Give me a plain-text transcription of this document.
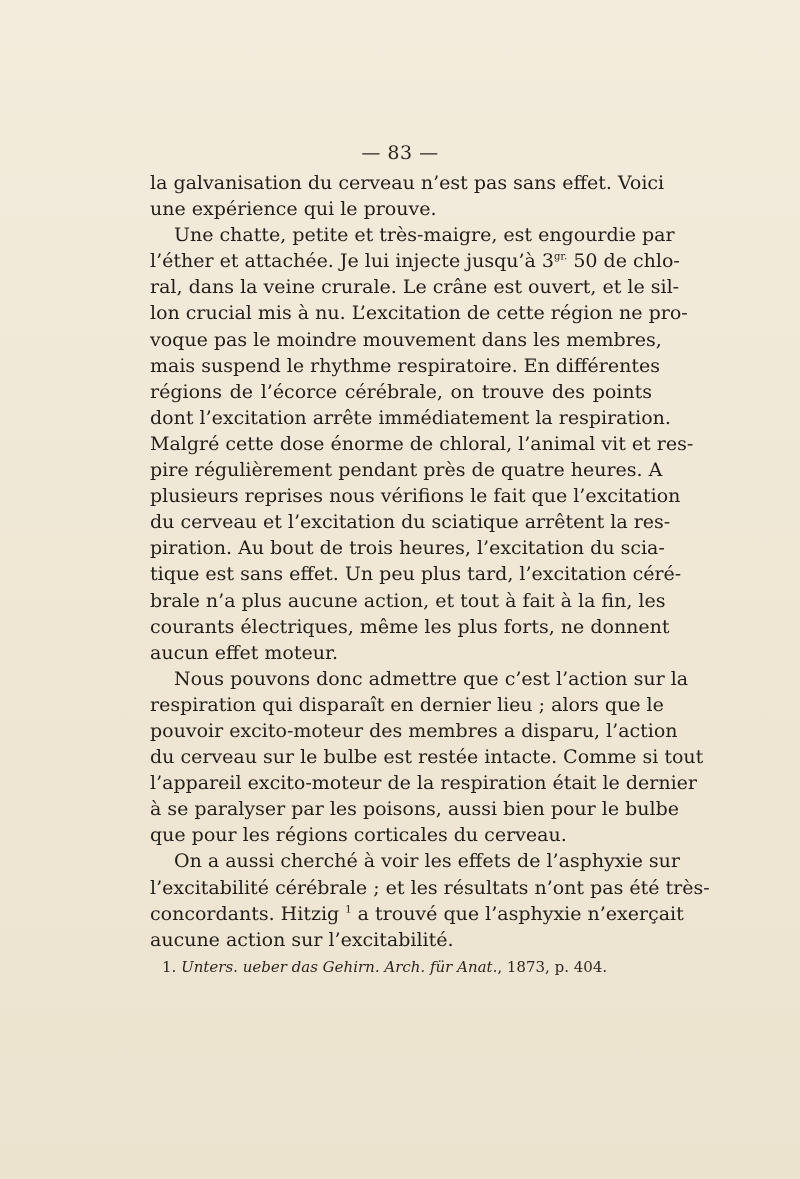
— 83 —
la galvanisation du cerveau n’est pas sans effet. Voici
une expérience qui le prouve.
Une chatte, petite et très-maigre, est engourdie par
l’éther et attachée. Je lui injecte jusqu’à $3^{gr.}$ 50 de chlo-
ral, dans la veine crurale. Le crâne est ouvert, et le sil-
lon crucial mis à nu. L’excitation de cette région ne pro-
voque pas le moindre mouvement dans les membres,
mais suspend le rhythme respiratoire. En différentes
régions de l’écorce cérébrale, on trouve des points
dont l’excitation arrête immédiatement la respiration.
Malgré cette dose énorme de chloral, l’animal vit et res-
pire régulièrement pendant près de quatre heures. A
plusieurs reprises nous vérifions le fait que l’excitation
du cerveau et l’excitation du sciatique arrêtent la res-
piration. Au bout de trois heures, l’excitation du scia-
tique est sans effet. Un peu plus tard, l’excitation céré-
brale n’a plus aucune action, et tout à fait à la fin, les
courants électriques, même les plus forts, ne donnent
aucun effet moteur.
Nous pouvons donc admettre que c’est l’action sur la
respiration qui disparaît en dernier lieu ; alors que le
pouvoir excito-moteur des membres a disparu, l’action
du cerveau sur le bulbe est restée intacte. Comme si tout
l’appareil excito-moteur de la respiration était le dernier
à se paralyser par les poisons, aussi bien pour le bulbe
que pour les régions corticales du cerveau.
On a aussi cherché à voir les effets de l’asphyxie sur
l’excitabilité cérébrale ; et les résultats n’ont pas été très-
concordants. Hitzig $^1$ a trouvé que l’asphyxie n’exerçait
aucune action sur l’excitabilité.
1. Unters. ueber das Gehirn. Arch. für Anat., 1873, p. 404.
